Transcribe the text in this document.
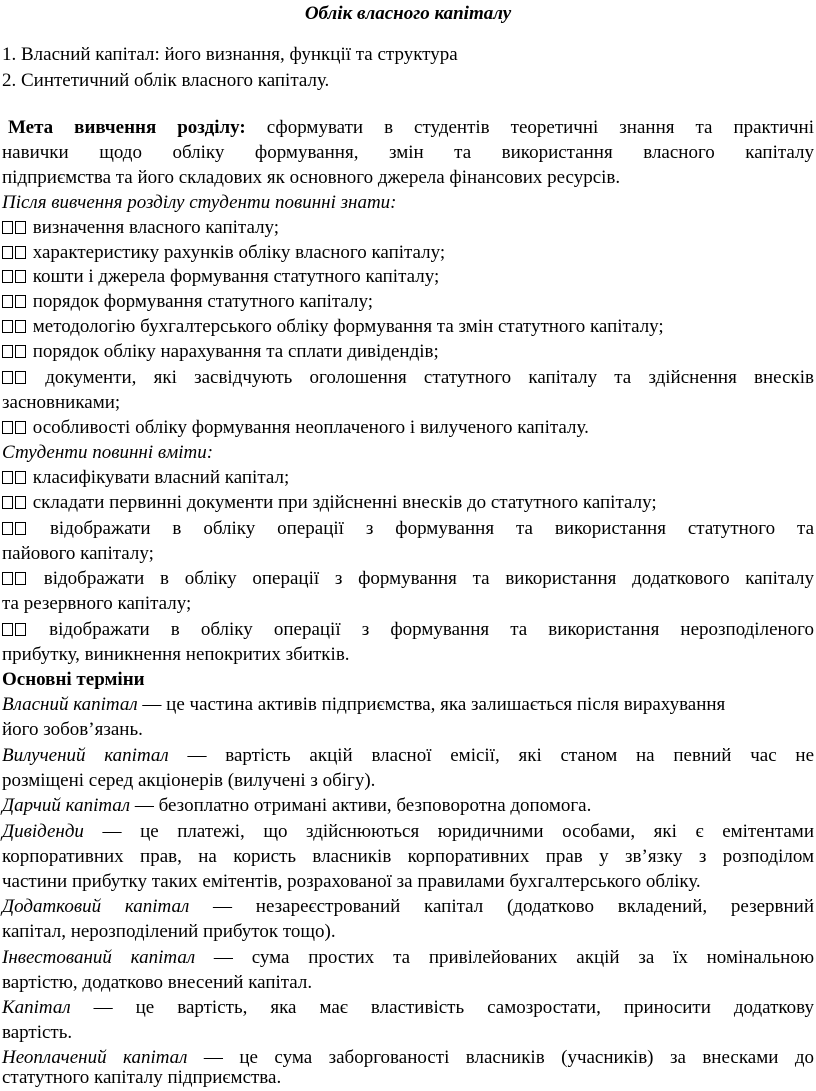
Облік власного капіталу
1. Власний капітал: його визнання, функції та структура
2. Синтетичний облік власного капіталу.
Мета вивчення розділу: сформувати в студентів теоретичні знання та практичні
навички щодо обліку формування, змін та використання власного капіталу
підприємства та його складових як основного джерела фінансових ресурсів.
Після вивчення розділу студенти повинні знати:
визначення власного капіталу;
характеристику рахунків обліку власного капіталу;
кошти і джерела формування статутного капіталу;
порядок формування статутного капіталу;
методологію бухгалтерського обліку формування та змін статутного капіталу;
порядок обліку нарахування та сплати дивідендів;
документи, які засвідчують оголошення статутного капіталу та здійснення внесків
засновниками;
особливості обліку формування неоплаченого і вилученого капіталу.
Студенти повинні вміти:
класифікувати власний капітал;
складати первинні документи при здійсненні внесків до статутного капіталу;
відображати в обліку операції з формування та використання статутного та
пайового капіталу;
відображати в обліку операції з формування та використання додаткового капіталу
та резервного капіталу;
відображати в обліку операції з формування та використання нерозподіленого
прибутку, виникнення непокритих збитків.
Основні терміни
Власний капітал — це частина активів підприємства, яка залишається після вирахування
його зобов’язань.
Вилучений капітал — вартість акцій власної емісії, які станом на певний час не
розміщені серед акціонерів (вилучені з обігу).
Дарчий капітал — безоплатно отримані активи, безповоротна допомога.
Дивіденди — це платежі, що здійснюються юридичними особами, які є емітентами
корпоративних прав, на користь власників корпоративних прав у зв’язку з розподілом
частини прибутку таких емітентів, розрахованої за правилами бухгалтерського обліку.
Додатковий капітал — незареєстрований капітал (додатково вкладений, резервний
капітал, нерозподілений прибуток тощо).
Інвестований капітал — сума простих та привілейованих акцій за їх номінальною
вартістю, додатково внесений капітал.
Капітал — це вартість, яка має властивість самозростати, приносити додаткову
вартість.
Неоплачений капітал — це сума заборгованості власників (учасників) за внесками до
статутного капіталу підприємства.
